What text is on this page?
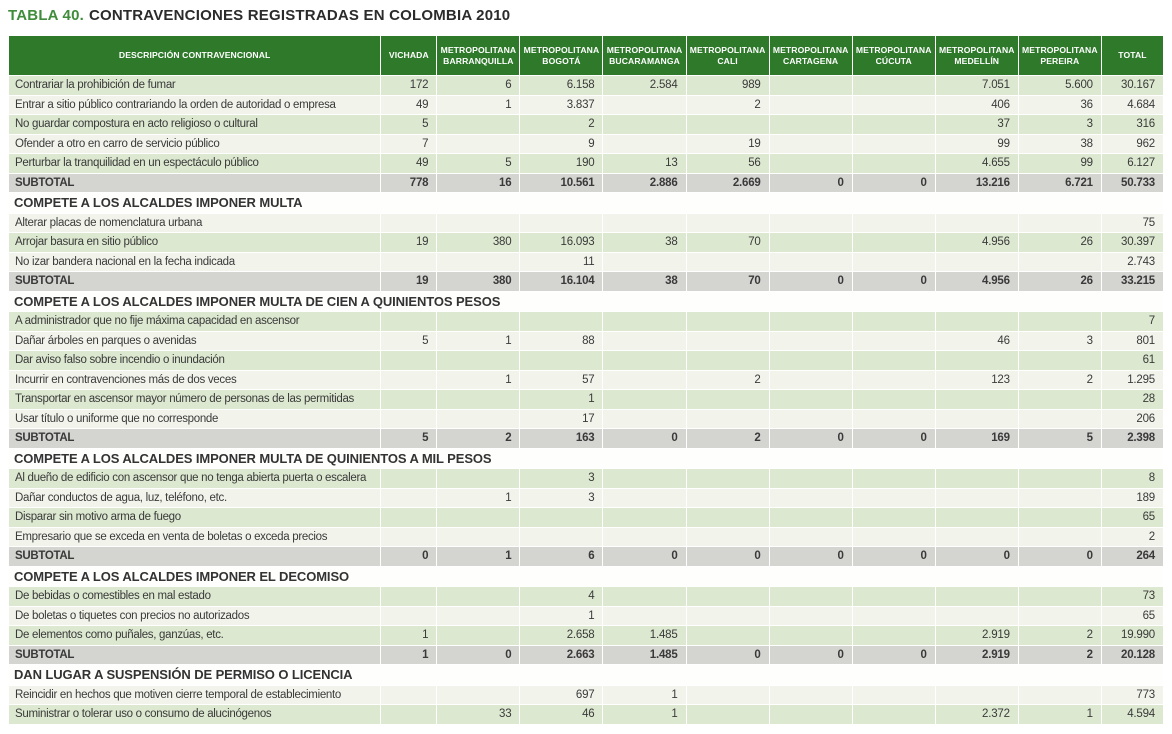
TABLA 40. CONTRAVENCIONES REGISTRADAS EN COLOMBIA 2010
DESCRIPCIÓN CONTRAVENCIONAL	VICHADA	METROPOLITANA BARRANQUILLA	METROPOLITANA BOGOTÁ	METROPOLITANA BUCARAMANGA	METROPOLITANA CALI	METROPOLITANA CARTAGENA	METROPOLITANA CÚCUTA	METROPOLITANA MEDELLÍN	METROPOLITANA PEREIRA	TOTAL
Contrariar la prohibición de fumar	172	6	6.158	2.584	989			7.051	5.600	30.167
Entrar a sitio público contrariando la orden de autoridad o empresa	49	1	3.837		2			406	36	4.684
No guardar compostura en acto religioso o cultural	5		2					37	3	316
Ofender a otro en carro de servicio público	7		9		19			99	38	962
Perturbar la tranquilidad en un espectáculo público	49	5	190	13	56			4.655	99	6.127
SUBTOTAL	778	16	10.561	2.886	2.669	0	0	13.216	6.721	50.733
COMPETE A LOS ALCALDES IMPONER MULTA										
Alterar placas de nomenclatura urbana										75
Arrojar basura en sitio público	19	380	16.093	38	70			4.956	26	30.397
No izar bandera nacional en la fecha indicada			11							2.743
SUBTOTAL	19	380	16.104	38	70	0	0	4.956	26	33.215
COMPETE A LOS ALCALDES IMPONER MULTA DE CIEN A QUINIENTOS PESOS										
A administrador que no fije máxima capacidad en ascensor										7
Dañar árboles en parques o avenidas	5	1	88					46	3	801
Dar aviso falso sobre incendio o inundación										61
Incurrir en contravenciones más de dos veces		1	57		2			123	2	1.295
Transportar en ascensor mayor número de personas de las permitidas			1							28
Usar título o uniforme que no corresponde			17							206
SUBTOTAL	5	2	163	0	2	0	0	169	5	2.398
COMPETE A LOS ALCALDES IMPONER MULTA DE QUINIENTOS A MIL PESOS										
Al dueño de edificio con ascensor que no tenga abierta puerta o escalera			3							8
Dañar conductos de agua, luz, teléfono, etc.		1	3							189
Disparar sin motivo arma de fuego										65
Empresario que se exceda en venta de boletas o exceda precios										2
SUBTOTAL	0	1	6	0	0	0	0	0	0	264
COMPETE A LOS ALCALDES IMPONER EL DECOMISO										
De bebidas o comestibles en mal estado			4							73
De boletas o tiquetes con precios no autorizados			1							65
De elementos como puñales, ganzúas, etc.	1		2.658	1.485				2.919	2	19.990
SUBTOTAL	1	0	2.663	1.485	0	0	0	2.919	2	20.128
DAN LUGAR A SUSPENSIÓN DE PERMISO O LICENCIA										
Reincidir en hechos que motiven cierre temporal de establecimiento			697	1						773
Suministrar o tolerar uso o consumo de alucinógenos		33	46	1				2.372	1	4.594
